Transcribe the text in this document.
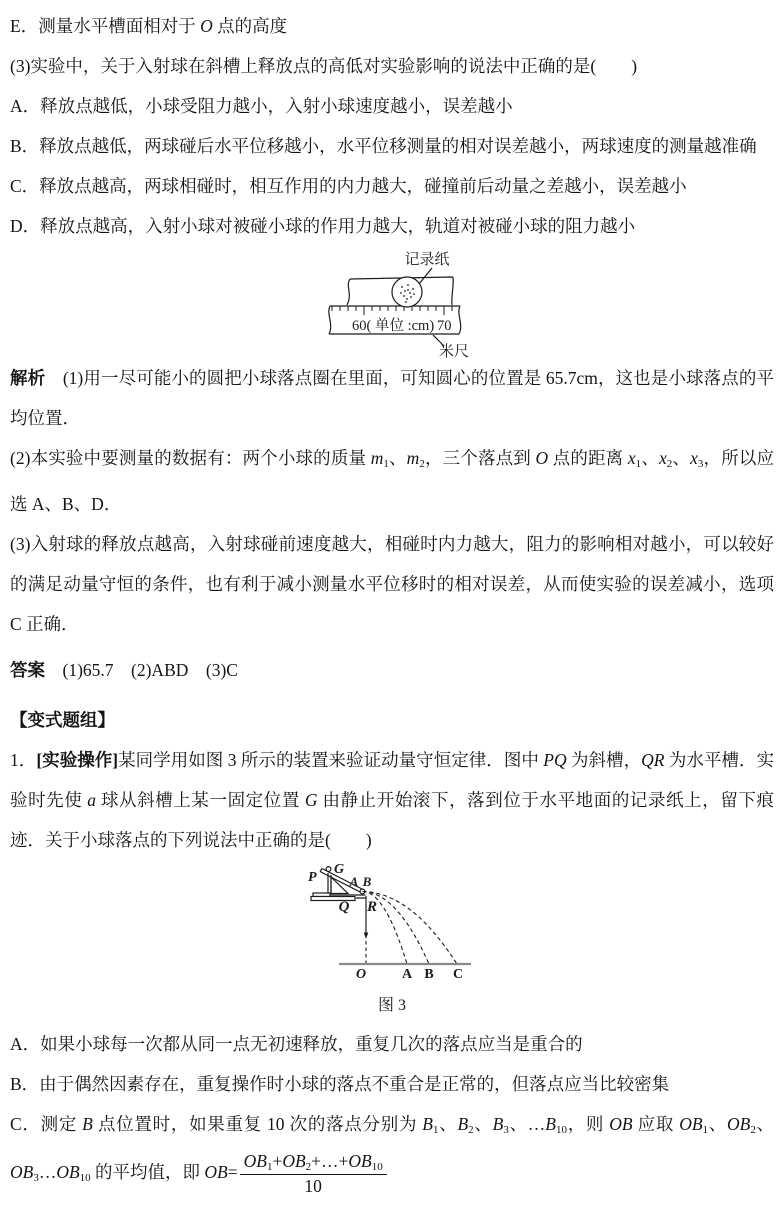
E．测量水平槽面相对于 O 点的高度

(3)实验中，关于入射球在斜槽上释放点的高低对实验影响的说法中正确的是(　　)

A．释放点越低，小球受阻力越小，入射小球速度越小，误差越小

B．释放点越低，两球碰后水平位移越小，水平位移测量的相对误差越小，两球速度的测量越准确

C．释放点越高，两球相碰时，相互作用的内力越大，碰撞前后动量之差越小，误差越小

D．释放点越高，入射小球对被碰小球的作用力越大，轨道对被碰小球的阻力越小

记录纸
60( 单位 :cm) 70
米尺

解析　(1)用一尽可能小的圆把小球落点圈在里面，可知圆心的位置是 65.7cm，这也是小球落点的平均位置．

(2)本实验中要测量的数据有：两个小球的质量 m1、m2，三个落点到 O 点的距离 x1、x2、x3，所以应选 A、B、D．

(3)入射球的释放点越高，入射球碰前速度越大，相碰时内力越大，阻力的影响相对越小，可以较好的满足动量守恒的条件，也有利于减小测量水平位移时的相对误差，从而使实验的误差减小，选项 C 正确．

答案　(1)65.7　(2)ABD　(3)C

【变式题组】

1．[实验操作]某同学用如图 3 所示的装置来验证动量守恒定律．图中 PQ 为斜槽，QR 为水平槽．实验时先使 a 球从斜槽上某一固定位置 G 由静止开始滚下，落到位于水平地面的记录纸上，留下痕迹．关于小球落点的下列说法中正确的是(　　)

P
G
A B
Q R
O	A B C
图 3

A．如果小球每一次都从同一点无初速释放，重复几次的落点应当是重合的

B．由于偶然因素存在，重复操作时小球的落点不重合是正常的，但落点应当比较密集

C．测定 B 点位置时，如果重复 10 次的落点分别为 B1、B2、B3、…B10，则 OB 应取 OB1、OB2、OB3…OB10 的平均值，即 $OB= \frac{OB1+OB2+\dots+OB10}{10}$
